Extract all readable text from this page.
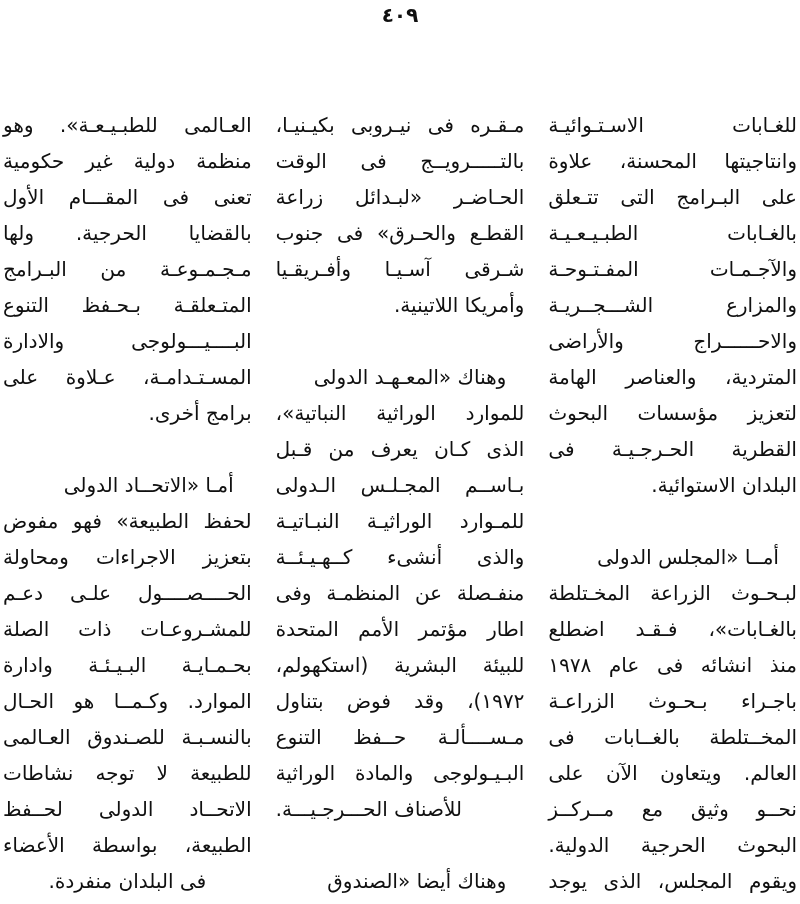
٤٠٩
للغـابات الاسـتـوائيـة
وانتاجيتها المحسنة، علاوة
على البـرامج التى تتـعلق
بالغـابات الطبـيـعـيـة
والآجـمـات المفـتـوحـة
والمزارع الشـــجــريـة
والاحــــــراج والأراضى
المتردية، والعناصر الهامة
لتعزيز مؤسسات البحوث
القطرية الحـرجـيـة فى
البلدان الاستوائية.
أمــا «المجلس الدولى
لبـحـوث الزراعة المخـتلطة
بالغـابات»، فـقـد اضطلع
منذ انشائه فى عام ١٩٧٨
باجـراء بـحـوث الزراعـة
المخــتلطة بالغــابات فى
العالم. ويتعاون الآن على
نحــو وثيق مع مــركــز
البحوث الحرجية الدولية.
ويقوم المجلس، الذى يوجد
مـقـره فى نيـروبى بكيـنيـا،
بالتـــــرويــج فى الوقت
الحـاضـر «لبـدائل زراعة
القطـع والحـرق» فى جنوب
شـرقى آسـيـا وأفـريقـيا
وأمريكا اللاتينية.
وهناك «المعـهـد الدولى
للموارد الوراثية النباتية»،
الذى كـان يعرف من قـبل
بـاســم المجـلـس الـدولى
للمـوارد الوراثيـة النبـاتيـة
والذى أنشىء كــهـيـئــة
منفـصلة عن المنظمـة وفى
اطار مؤتمر الأمم المتحدة
للبيئة البشرية (استكهولم،
١٩٧٢)، وقد فوض بتناول
مـســــألـة حــفظ التنوع
البـيـولوجى والمادة الوراثية
للأصناف الحـــرجـيـــة.
وهناك أيضا «الصندوق
العـالمى للطبـيـعـة». وهو
منظمة دولية غير حكومية
تعنى فى المقـــام الأول
بالقضايا الحرجية. ولها
مـجـمـوعـة من البـرامج
المتـعلقـة بـحـفظ التنوع
البــــيـــولوجى والادارة
المسـتـدامـة، عـلاوة على
برامج أخرى.
أمـا «الاتحــاد الدولى
لحفظ الطبيعة» فهو مفوض
بتعزيز الاجراءات ومحاولة
الحــــصــــول علـى دعـم
للمشـروعـات ذات الصلة
بحـمـايـة البـيـئـة وادارة
الموارد. وكـمــا هو الحـال
بالنسـبـة للصـندوق العـالمى
للطبيعة لا توجه نشاطات
الاتحــاد الدولى لحــفظ
الطبيعة، بواسطة الأعضاء
فى البلدان منفردة.
